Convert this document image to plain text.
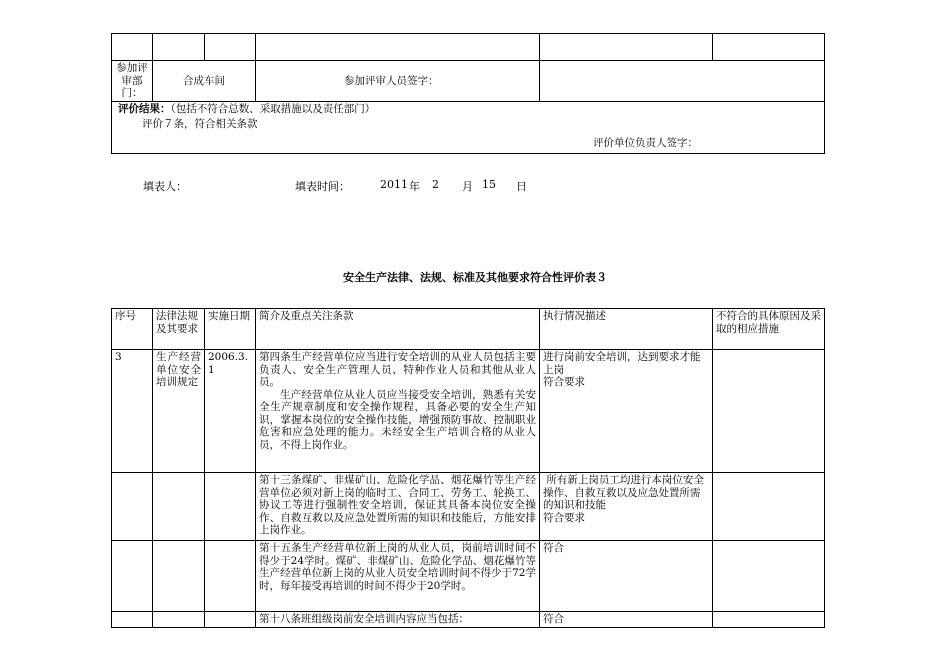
参加评审部门：	合成车间		参加评审人员签字：		

评价结果：（包括不符合总数、采取措施以及责任部门）
评价７条，符合相关条款
评价单位负责人签字：					
填表人：	填表时间：	2011 年 2 月 15 日
安全生产法律、法规、标准及其他要求符合性评价表３
序号	法律法规及其要求	实施日期	简介及重点关注条款	执行情况描述	不符合的具体原因及采取的相应措施
3	生产经营单位安全培训规定	2006.3.1	第四条生产经营单位应当进行安全培训的从业人员包括主要负责人、安全生产管理人员、特种作业人员和其他从业人员。
生产经营单位从业人员应当接受安全培训，熟悉有关安全生产规章制度和安全操作规程，具备必要的安全生产知识，掌握本岗位的安全操作技能，增强预防事故、控制职业危害和应急处理的能力。未经安全生产培训合格的从业人员，不得上岗作业。	进行岗前安全培训，达到要求才能上岗
符合要求	

			第十三条煤矿、非煤矿山、危险化学品、烟花爆竹等生产经营单位必须对新上岗的临时工、合同工、劳务工、轮换工、协议工等进行强制性安全培训，保证其具备本岗位安全操作、自救互救以及应急处置所需的知识和技能后，方能安排上岗作业。	所有新上岗员工均进行本岗位安全操作、自救互救以及应急处置所需的知识和技能
符合要求	

			第十五条生产经营单位新上岗的从业人员，岗前培训时间不得少于24学时。煤矿、非煤矿山、危险化学品、烟花爆竹等生产经营单位新上岗的从业人员安全培训时间不得少于72学时，每年接受再培训的时间不得少于20学时。	符合	
			第十八条班组级岗前安全培训内容应当包括：	符合	
